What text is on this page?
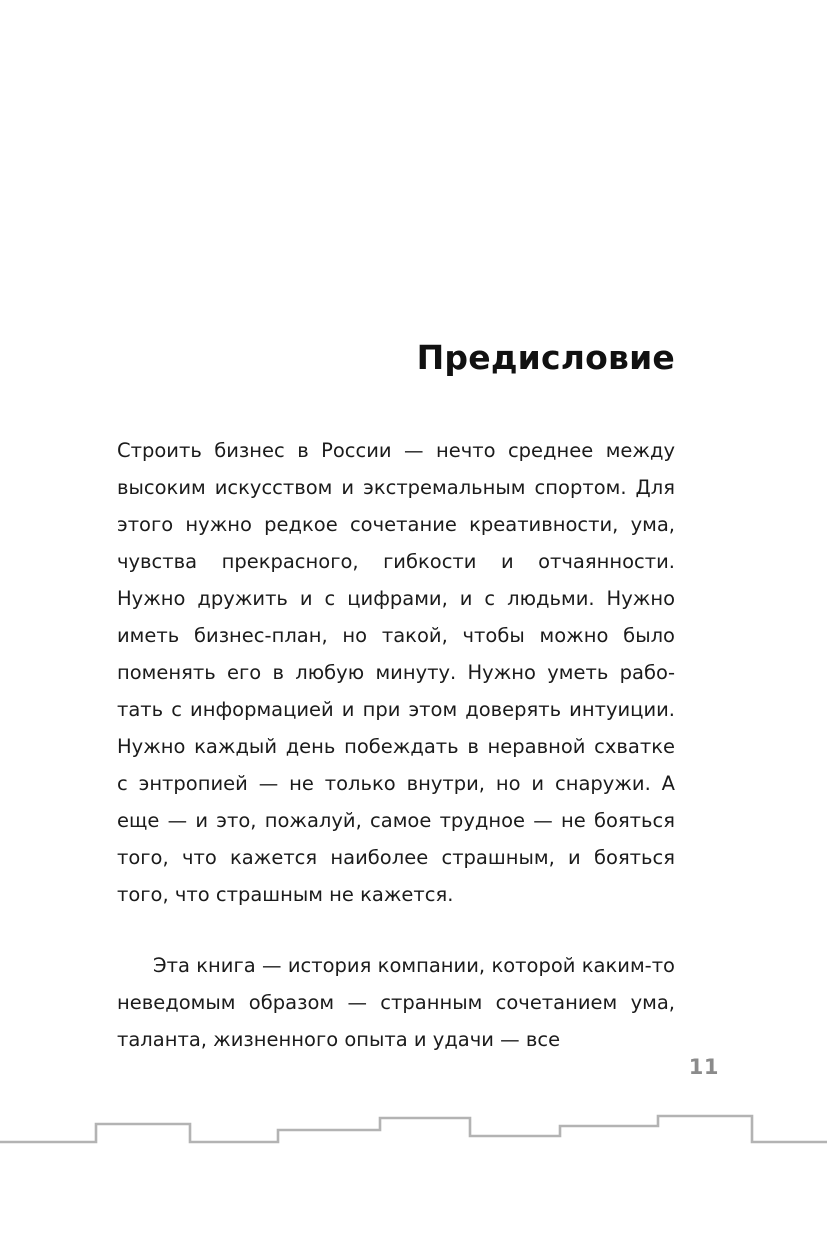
Предисловие

Строить бизнес в России — нечто среднее между высоким искусством и экстремальным спортом. Для этого нужно редкое сочетание креативности, ума, чувства прекрасного, гибкости и отчаянности. Нужно дружить и с цифрами, и с людьми. Нужно иметь бизнес-план, но такой, чтобы можно было поменять его в любую минуту. Нужно уметь работать с информацией и при этом доверять интуиции. Нужно каждый день побеждать в неравной схватке с энтропией — не только внутри, но и снаружи. А еще — и это, пожалуй, самое трудное — не бояться того, что кажется наиболее страшным, и бояться того, что страшным не кажется.

Эта книга — история компании, которой каким-то неведомым образом — странным сочетанием ума, таланта, жизненного опыта и удачи — все

11
